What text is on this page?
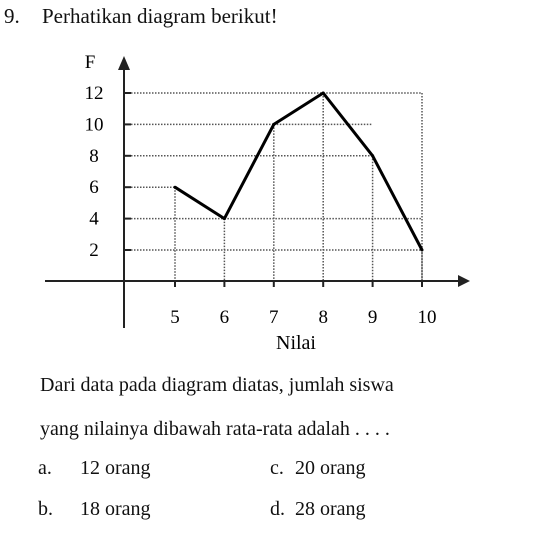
9. Perhatikan diagram berikut!
2
4
6
8
10
12
5 6 7 8 9 10
F
Nilai
Dari data pada diagram diatas, jumlah siswa
yang nilainya dibawah rata-rata adalah . . . .
a. 12 orang	c. 20 orang
b. 18 orang	d. 28 orang
